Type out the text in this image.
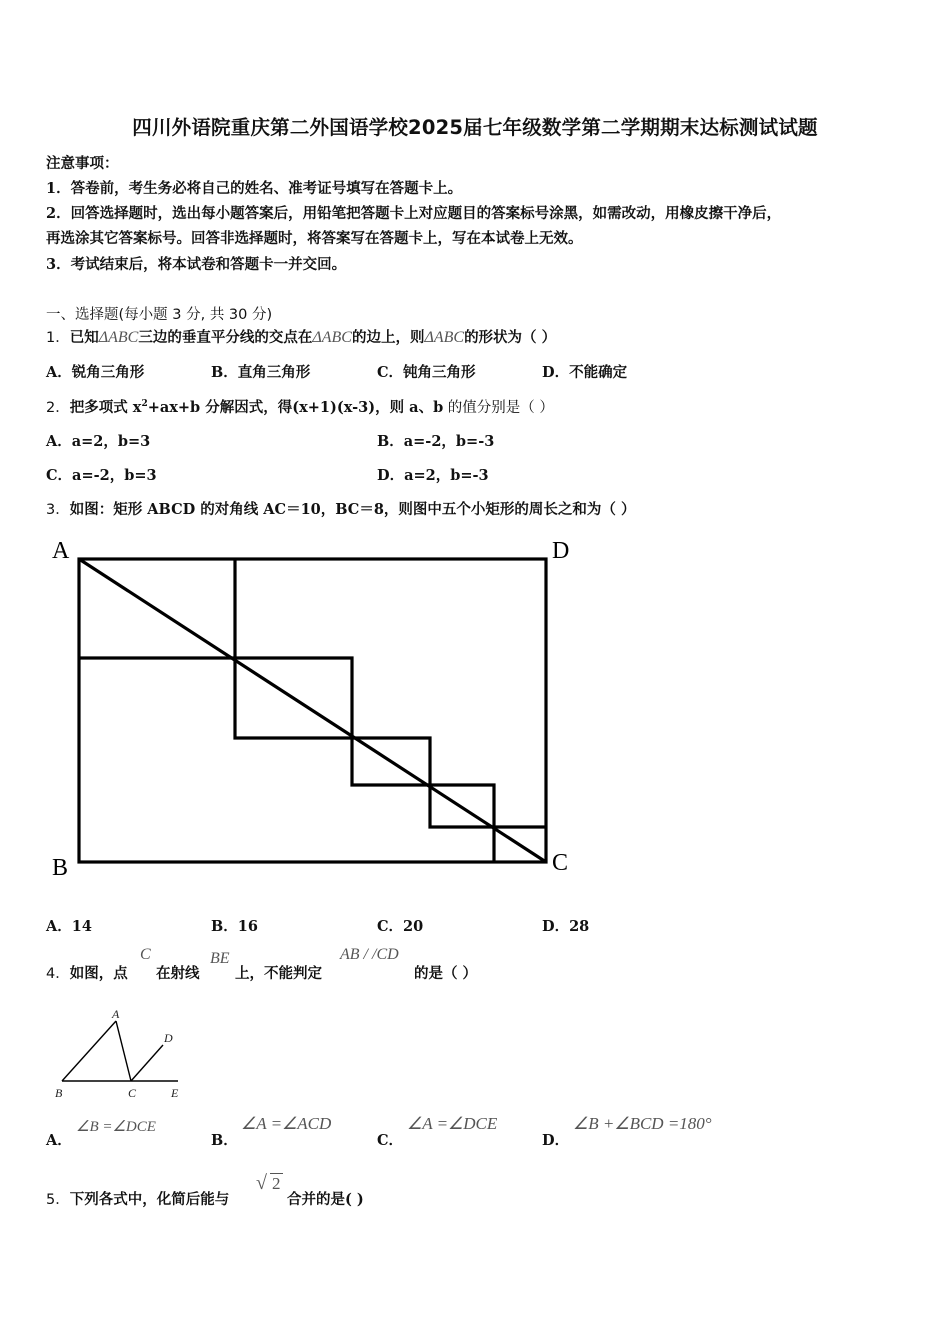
四川外语院重庆第二外国语学校2025届七年级数学第二学期期末达标测试试题
注意事项：
1．答卷前，考生务必将自己的姓名、准考证号填写在答题卡上。
2．回答选择题时，选出每小题答案后，用铅笔把答题卡上对应题目的答案标号涂黑，如需改动，用橡皮擦干净后，
再选涂其它答案标号。回答非选择题时，将答案写在答题卡上，写在本试卷上无效。
3．考试结束后，将本试卷和答题卡一并交回。
一、选择题(每小题 3 分, 共 30 分)
1．已知ΔABC三边的垂直平分线的交点在ΔABC的边上，则ΔABC的形状为（ ）
A．锐角三角形	B．直角三角形	C．钝角三角形	D．不能确定
2．把多项式 $x^2+ax+b$ 分解因式，得(x+1)(x-3)，则 a、b 的值分别是（ ）
A．a=2，b=3	B．a=-2，b=-3
C．a=-2，b=3	D．a=2，b=-3
3．如图：矩形 ABCD 的对角线 AC＝10，BC＝8，则图中五个小矩形的周长之和为（ ）
A	D
B	C
A．14	B．16	C．20	D．28
4．如图，点
C
在射线
BE
上，不能判定
AB / /CD
的是（ ）
A
B	C
D
E
A．
∠B =∠DCE
B．
∠A =∠ACD
C．
∠A =∠DCE
D．
∠B +∠BCD =180°
5．下列各式中，化简后能与
√ 2
合并的是( )
